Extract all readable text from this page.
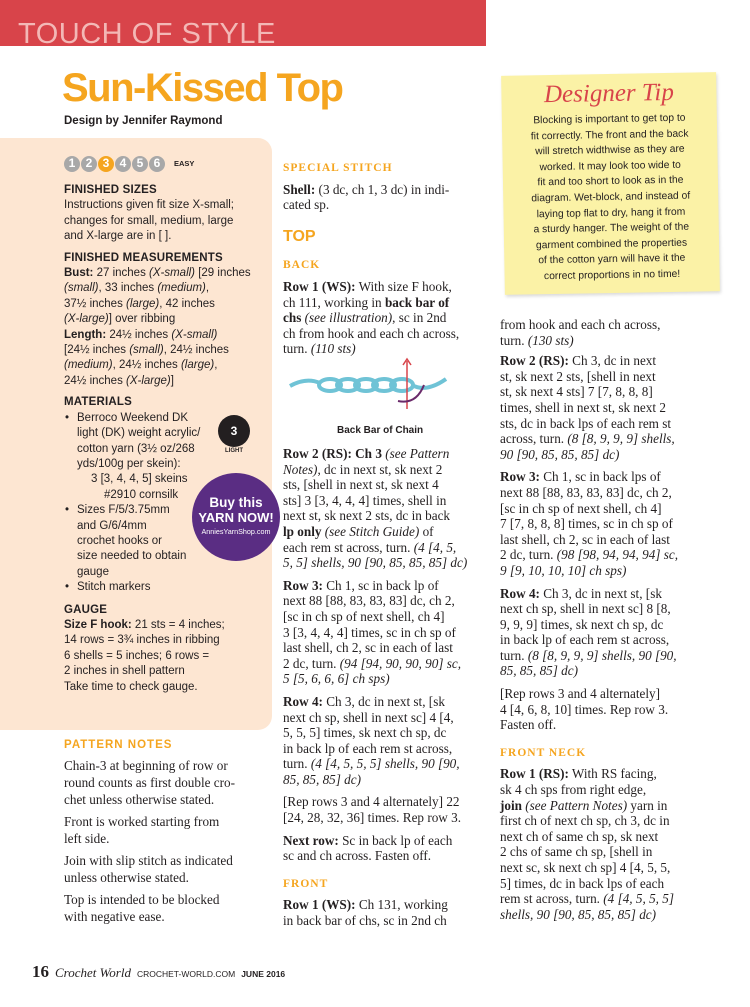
TOUCH OF STYLE
Sun-Kissed Top
Design by Jennifer Raymond
1 2 3 4 5 6	EASY
FINISHED SIZES
Instructions given fit size X-small;
changes for small, medium, large
and X-large are in [ ].
FINISHED MEASUREMENTS
Bust: 27 inches (X-small) [29 inches
(small), 33 inches (medium),
37½ inches (large), 42 inches
(X-large)] over ribbing
Length: 24½ inches (X-small)
[24½ inches (small), 24½ inches
(medium), 24½ inches (large),
24½ inches (X-large)]
MATERIALS
• Berroco Weekend DK
light (DK) weight acrylic/
cotton yarn (3½ oz/268
yds/100g per skein):
3 [3, 4, 4, 5] skeins
#2910 cornsilk
• Sizes F/5/3.75mm
and G/6/4mm
crochet hooks or
size needed to obtain
gauge
• Stitch markers
GAUGE
Size F hook: 21 sts = 4 inches;
14 rows = 3¾ inches in ribbing
6 shells = 5 inches; 6 rows =
2 inches in shell pattern
Take time to check gauge.
3
LIGHT
Buy this
YARN NOW!
AnniesYarnShop.com
PATTERN NOTES

Chain-3 at beginning of row or
round counts as first double cro-
chet unless otherwise stated.

Front is worked starting from
left side.

Join with slip stitch as indicated
unless otherwise stated.

Top is intended to be blocked
with negative ease.

SPECIAL STITCH

Shell: (3 dc, ch 1, 3 dc) in indi-
cated sp.

TOP
BACK

Row 1 (WS): With size F hook,
ch 111, working in back bar of
chs (see illustration), sc in 2nd
ch from hook and each ch across,
turn. (110 sts)

Back Bar of Chain

Row 2 (RS): Ch 3 (see Pattern
Notes), dc in next st, sk next 2
sts, [shell in next st, sk next 4
sts] 3 [3, 4, 4, 4] times, shell in
next st, sk next 2 sts, dc in back
lp only (see Stitch Guide) of
each rem st across, turn. (4 [4, 5,
5, 5] shells, 90 [90, 85, 85, 85] dc)

Row 3: Ch 1, sc in back lp of
next 88 [88, 83, 83, 83] dc, ch 2,
[sc in ch sp of next shell, ch 4]
3 [3, 4, 4, 4] times, sc in ch sp of
last shell, ch 2, sc in each of last
2 dc, turn. (94 [94, 90, 90, 90] sc,
5 [5, 6, 6, 6] ch sps)

Row 4: Ch 3, dc in next st, [sk
next ch sp, shell in next sc] 4 [4,
5, 5, 5] times, sk next ch sp, dc
in back lp of each rem st across,
turn. (4 [4, 5, 5, 5] shells, 90 [90,
85, 85, 85] dc)

[Rep rows 3 and 4 alternately] 22
[24, 28, 32, 36] times. Rep row 3.

Next row: Sc in back lp of each
sc and ch across. Fasten off.

FRONT

Row 1 (WS): Ch 131, working
in back bar of chs, sc in 2nd ch

Designer Tip
Blocking is important to get top to
fit correctly. The front and the back
will stretch widthwise as they are
worked. It may look too wide to
fit and too short to look as in the
diagram. Wet-block, and instead of
laying top flat to dry, hang it from
a sturdy hanger. The weight of the
garment combined the properties
of the cotton yarn will have it the
correct proportions in no time!

from hook and each ch across,
turn. (130 sts)

Row 2 (RS): Ch 3, dc in next
st, sk next 2 sts, [shell in next
st, sk next 4 sts] 7 [7, 8, 8, 8]
times, shell in next st, sk next 2
sts, dc in back lps of each rem st
across, turn. (8 [8, 9, 9, 9] shells,
90 [90, 85, 85, 85] dc)

Row 3: Ch 1, sc in back lps of
next 88 [88, 83, 83, 83] dc, ch 2,
[sc in ch sp of next shell, ch 4]
7 [7, 8, 8, 8] times, sc in ch sp of
last shell, ch 2, sc in each of last
2 dc, turn. (98 [98, 94, 94, 94] sc,
9 [9, 10, 10, 10] ch sps)

Row 4: Ch 3, dc in next st, [sk
next ch sp, shell in next sc] 8 [8,
9, 9, 9] times, sk next ch sp, dc
in back lp of each rem st across,
turn. (8 [8, 9, 9, 9] shells, 90 [90,
85, 85, 85] dc)

[Rep rows 3 and 4 alternately]
4 [4, 6, 8, 10] times. Rep row 3.
Fasten off.

FRONT NECK

Row 1 (RS): With RS facing,
sk 4 ch sps from right edge,
join (see Pattern Notes) yarn in
first ch of next ch sp, ch 3, dc in
next ch of same ch sp, sk next
2 chs of same ch sp, [shell in
next sc, sk next ch sp] 4 [4, 5, 5,
5] times, dc in back lps of each
rem st across, turn. (4 [4, 5, 5, 5]
shells, 90 [90, 85, 85, 85] dc)

16 Crochet World CROCHET-WORLD.COM JUNE 2016
